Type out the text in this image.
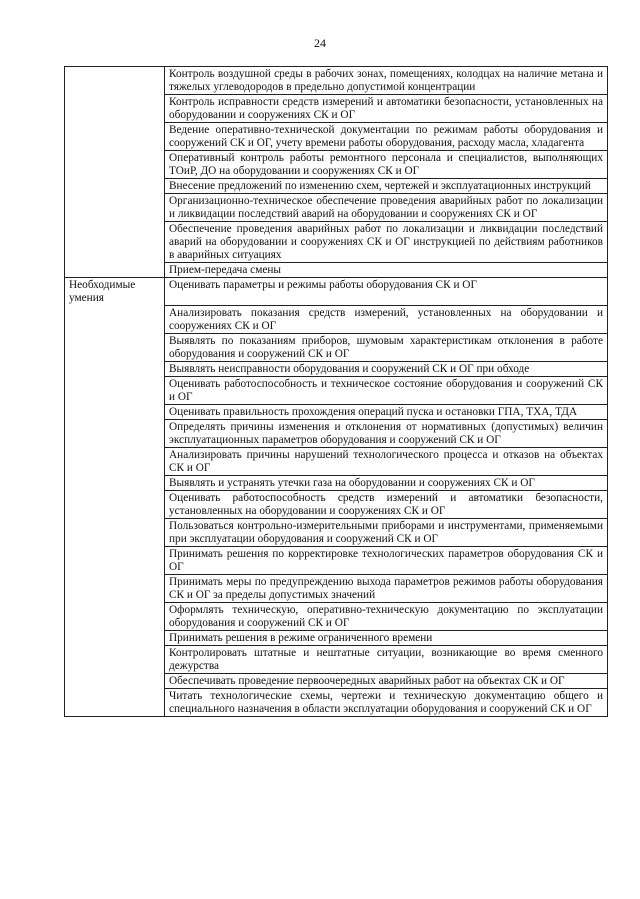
24
	Контроль воздушной среды в рабочих зонах, помещениях, колодцах на наличие метана и тяжелых углеводородов в предельно допустимой концентрации
	Контроль исправности средств измерений и автоматики безопасности, установленных на оборудовании и сооружениях СК и ОГ
	Ведение оперативно-технической документации по режимам работы оборудования и сооружений СК и ОГ, учету времени работы оборудования, расходу масла, хладагента
	Оперативный контроль работы ремонтного персонала и специалистов, выполняющих ТОиР, ДО на оборудовании и сооружениях СК и ОГ
	Внесение предложений по изменению схем, чертежей и эксплуатационных инструкций
	Организационно-техническое обеспечение проведения аварийных работ по локализации и ликвидации последствий аварий на оборудовании и сооружениях СК и ОГ
	Обеспечение проведения аварийных работ по локализации и ликвидации последствий аварий на оборудовании и сооружениях СК и ОГ инструкцией по действиям работников в аварийных ситуациях
	Прием-передача смены
Необходимые умения	Оценивать параметры и режимы работы оборудования СК и ОГ
	Анализировать показания средств измерений, установленных на оборудовании и сооружениях СК и ОГ
	Выявлять по показаниям приборов, шумовым характеристикам отклонения в работе оборудования и сооружений СК и ОГ
	Выявлять неисправности оборудования и сооружений СК и ОГ при обходе
	Оценивать работоспособность и техническое состояние оборудования и сооружений СК и ОГ
	Оценивать правильность прохождения операций пуска и остановки ГПА, ТХА, ТДА
	Определять причины изменения и отклонения от нормативных (допустимых) величин эксплуатационных параметров оборудования и сооружений СК и ОГ
	Анализировать причины нарушений технологического процесса и отказов на объектах СК и ОГ
	Выявлять и устранять утечки газа на оборудовании и сооружениях СК и ОГ
	Оценивать работоспособность средств измерений и автоматики безопасности, установленных на оборудовании и сооружениях СК и ОГ
	Пользоваться контрольно-измерительными приборами и инструментами, применяемыми при эксплуатации оборудования и сооружений СК и ОГ
	Принимать решения по корректировке технологических параметров оборудования СК и ОГ
	Принимать меры по предупреждению выхода параметров режимов работы оборудования СК и ОГ за пределы допустимых значений
	Оформлять техническую, оперативно-техническую документацию по эксплуатации оборудования и сооружений СК и ОГ
	Принимать решения в режиме ограниченного времени
	Контролировать штатные и нештатные ситуации, возникающие во время сменного дежурства
	Обеспечивать проведение первоочередных аварийных работ на объектах СК и ОГ
	Читать технологические схемы, чертежи и техническую документацию общего и специального назначения в области эксплуатации оборудования и сооружений СК и ОГ
